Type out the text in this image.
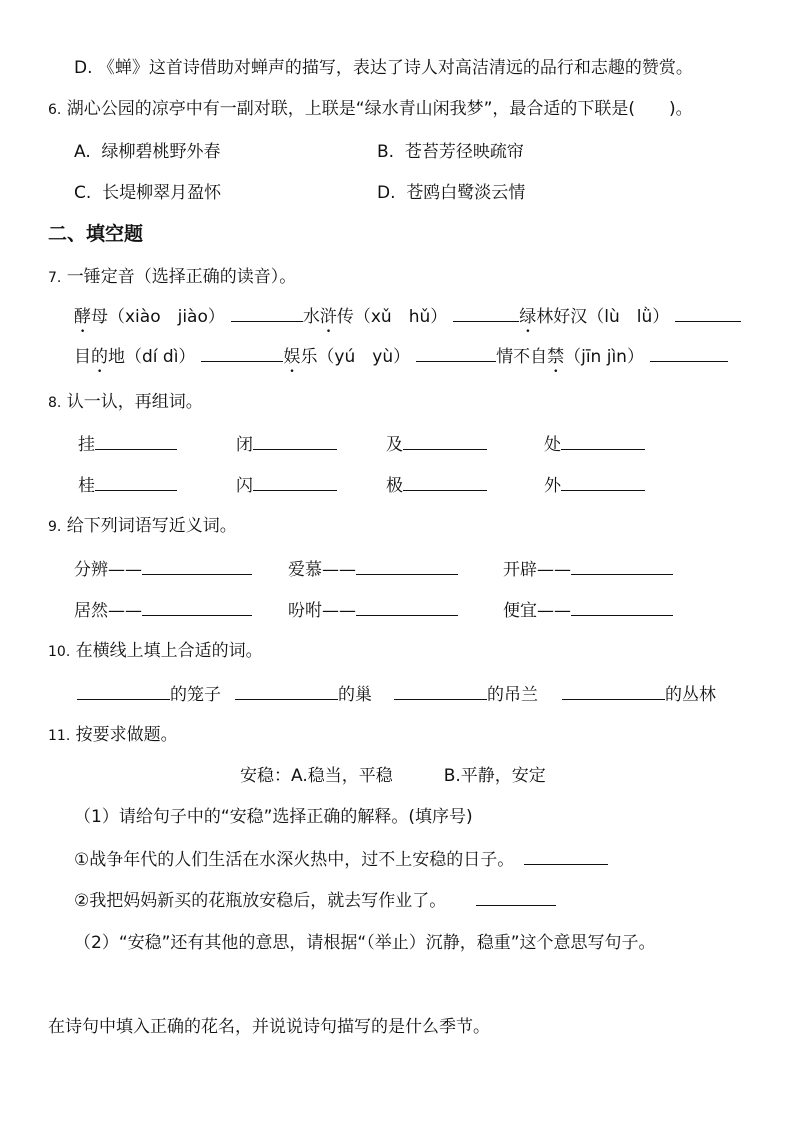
D. 《蝉》这首诗借助对蝉声的描写，表达了诗人对高洁清远的品行和志趣的赞赏。
6. 湖心公园的凉亭中有一副对联，上联是“绿水青山闲我梦”，最合适的下联是(　　)。
A. 绿柳碧桃野外春	B. 苍苔芳径映疏帘
C. 长堤柳翠月盈怀	D. 苍鸥白鹭淡云情
二、填空题
7. 一锤定音（选择正确的读音）。
酵母（xiào　jiào）	水浒传（xǔ　hǔ）	绿林好汉（lù　lǜ）
目的地（dí dì）	娱乐（yú　yù）	情不自禁（jīn jìn）
8. 认一认，再组词。
挂	闭	及	处
桂	闪	极	外
9. 给下列词语写近义词。
分辨——	爱慕——	开辟——
居然——	吩咐——	便宜——
10. 在横线上填上合适的词。
的笼子	的巢	的吊兰	的丛林
11. 按要求做题。
安稳：A.稳当，平稳　　　B.平静，安定
（1）请给句子中的“安稳”选择正确的解释。(填序号)
①战争年代的人们生活在水深火热中，过不上安稳的日子。
②我把妈妈新买的花瓶放安稳后，就去写作业了。
（2）“安稳”还有其他的意思，请根据“（举止）沉静，稳重”这个意思写句子。
在诗句中填入正确的花名，并说说诗句描写的是什么季节。
